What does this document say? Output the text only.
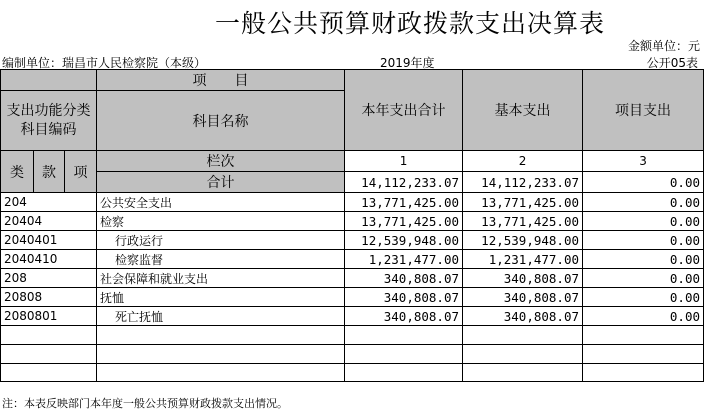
一般公共预算财政拨款支出决算表
金额单位：元
编制单位：瑞昌市人民检察院（本级）	2019年度	公开05表
			项　　目	本年支出合计	基本支出	项目支出
支出功能分类科目编码			科目名称			

类	款	项	栏次	1	2	3
			合计	14,112,233.07	14,112,233.07	0.00
204			公共安全支出	13,771,425.00	13,771,425.00	0.00
20404			检察	13,771,425.00	13,771,425.00	0.00
2040401			行政运行	12,539,948.00	12,539,948.00	0.00
2040410			检察监督	1,231,477.00	1,231,477.00	0.00
208			社会保障和就业支出	340,808.07	340,808.07	0.00
20808			抚恤	340,808.07	340,808.07	0.00
2080801			死亡抚恤	340,808.07	340,808.07	0.00

注：本表反映部门本年度一般公共预算财政拨款支出情况。
